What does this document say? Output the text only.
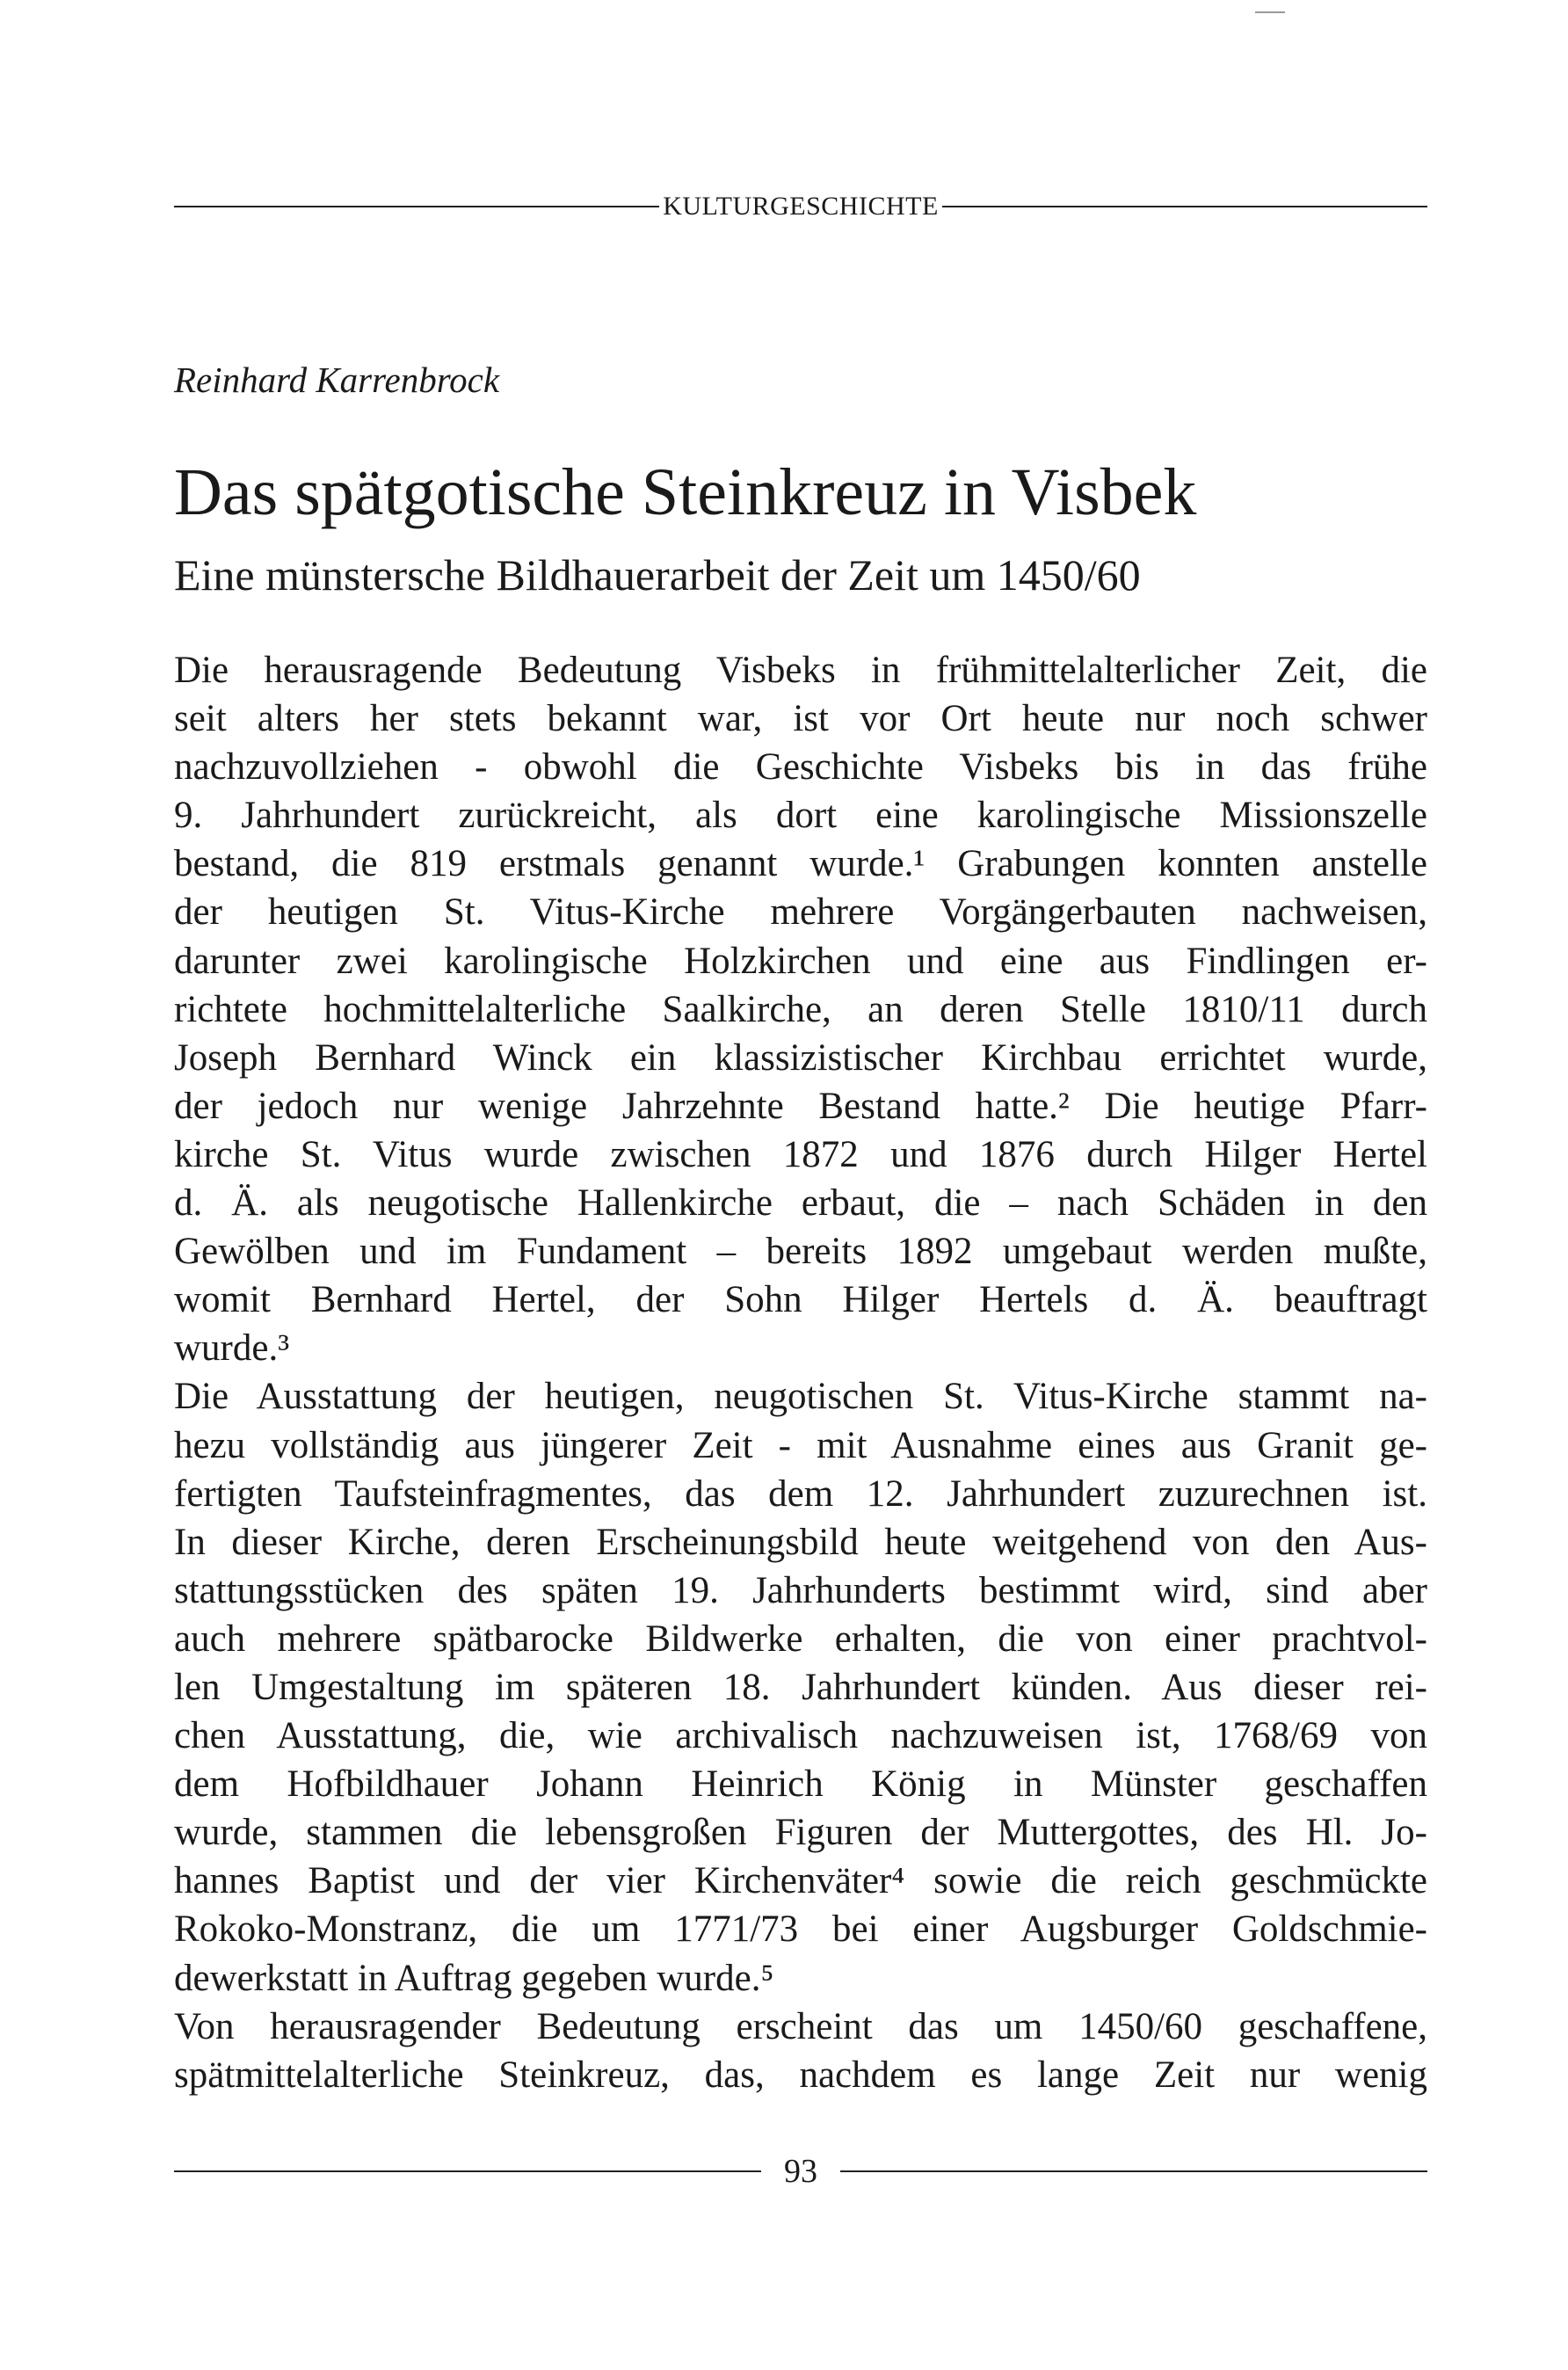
KULTURGESCHICHTE
Reinhard Karrenbrock
Das spätgotische Steinkreuz in Visbek
Eine münstersche Bildhauerarbeit der Zeit um 1450/60
Die herausragende Bedeutung Visbeks in frühmittelalterlicher Zeit, die
seit alters her stets bekannt war, ist vor Ort heute nur noch schwer
nachzuvollziehen - obwohl die Geschichte Visbeks bis in das frühe
9. Jahrhundert zurückreicht, als dort eine karolingische Missionszelle
bestand, die 819 erstmals genannt wurde.¹ Grabungen konnten anstelle
der heutigen St. Vitus-Kirche mehrere Vorgängerbauten nachweisen,
darunter zwei karolingische Holzkirchen und eine aus Findlingen er-
richtete hochmittelalterliche Saalkirche, an deren Stelle 1810/11 durch
Joseph Bernhard Winck ein klassizistischer Kirchbau errichtet wurde,
der jedoch nur wenige Jahrzehnte Bestand hatte.² Die heutige Pfarr-
kirche St. Vitus wurde zwischen 1872 und 1876 durch Hilger Hertel
d. Ä. als neugotische Hallenkirche erbaut, die – nach Schäden in den
Gewölben und im Fundament – bereits 1892 umgebaut werden mußte,
womit Bernhard Hertel, der Sohn Hilger Hertels d. Ä. beauftragt
wurde.³
Die Ausstattung der heutigen, neugotischen St. Vitus-Kirche stammt na-
hezu vollständig aus jüngerer Zeit - mit Ausnahme eines aus Granit ge-
fertigten Taufsteinfragmentes, das dem 12. Jahrhundert zuzurechnen ist.
In dieser Kirche, deren Erscheinungsbild heute weitgehend von den Aus-
stattungsstücken des späten 19. Jahrhunderts bestimmt wird, sind aber
auch mehrere spätbarocke Bildwerke erhalten, die von einer prachtvol-
len Umgestaltung im späteren 18. Jahrhundert künden. Aus dieser rei-
chen Ausstattung, die, wie archivalisch nachzuweisen ist, 1768/69 von
dem Hofbildhauer Johann Heinrich König in Münster geschaffen
wurde, stammen die lebensgroßen Figuren der Muttergottes, des Hl. Jo-
hannes Baptist und der vier Kirchenväter⁴ sowie die reich geschmückte
Rokoko-Monstranz, die um 1771/73 bei einer Augsburger Goldschmie-
dewerkstatt in Auftrag gegeben wurde.⁵
Von herausragender Bedeutung erscheint das um 1450/60 geschaffene,
spätmittelalterliche Steinkreuz, das, nachdem es lange Zeit nur wenig
93
